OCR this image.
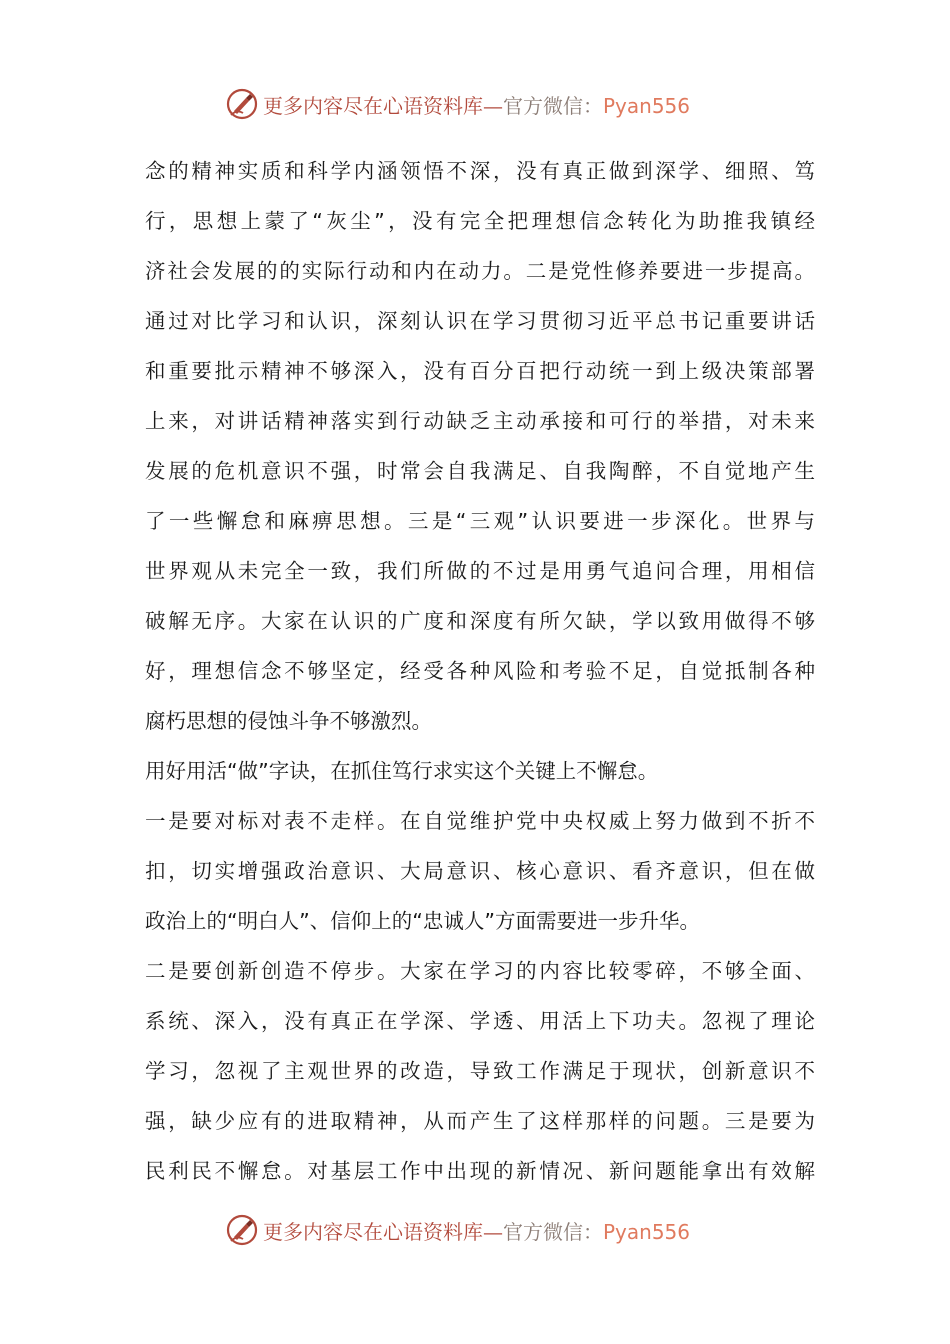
更多内容尽在心语资料库—官方微信：Pyan556
念的精神实质和科学内涵领悟不深，没有真正做到深学、细照、笃
行，思想上蒙了“灰尘”，没有完全把理想信念转化为助推我镇经
济社会发展的的实际行动和内在动力。二是党性修养要进一步提高。
通过对比学习和认识，深刻认识在学习贯彻习近平总书记重要讲话
和重要批示精神不够深入，没有百分百把行动统一到上级决策部署
上来，对讲话精神落实到行动缺乏主动承接和可行的举措，对未来
发展的危机意识不强，时常会自我满足、自我陶醉，不自觉地产生
了一些懈怠和麻痹思想。三是“三观”认识要进一步深化。世界与
世界观从未完全一致，我们所做的不过是用勇气追问合理，用相信
破解无序。大家在认识的广度和深度有所欠缺，学以致用做得不够
好，理想信念不够坚定，经受各种风险和考验不足，自觉抵制各种
腐朽思想的侵蚀斗争不够激烈。
用好用活“做”字诀，在抓住笃行求实这个关键上不懈怠。
一是要对标对表不走样。在自觉维护党中央权威上努力做到不折不
扣，切实增强政治意识、大局意识、核心意识、看齐意识，但在做
政治上的“明白人”、信仰上的“忠诚人”方面需要进一步升华。
二是要创新创造不停步。大家在学习的内容比较零碎，不够全面、
系统、深入，没有真正在学深、学透、用活上下功夫。忽视了理论
学习，忽视了主观世界的改造，导致工作满足于现状，创新意识不
强，缺少应有的进取精神，从而产生了这样那样的问题。三是要为
民利民不懈怠。对基层工作中出现的新情况、新问题能拿出有效解
更多内容尽在心语资料库—官方微信：Pyan556
